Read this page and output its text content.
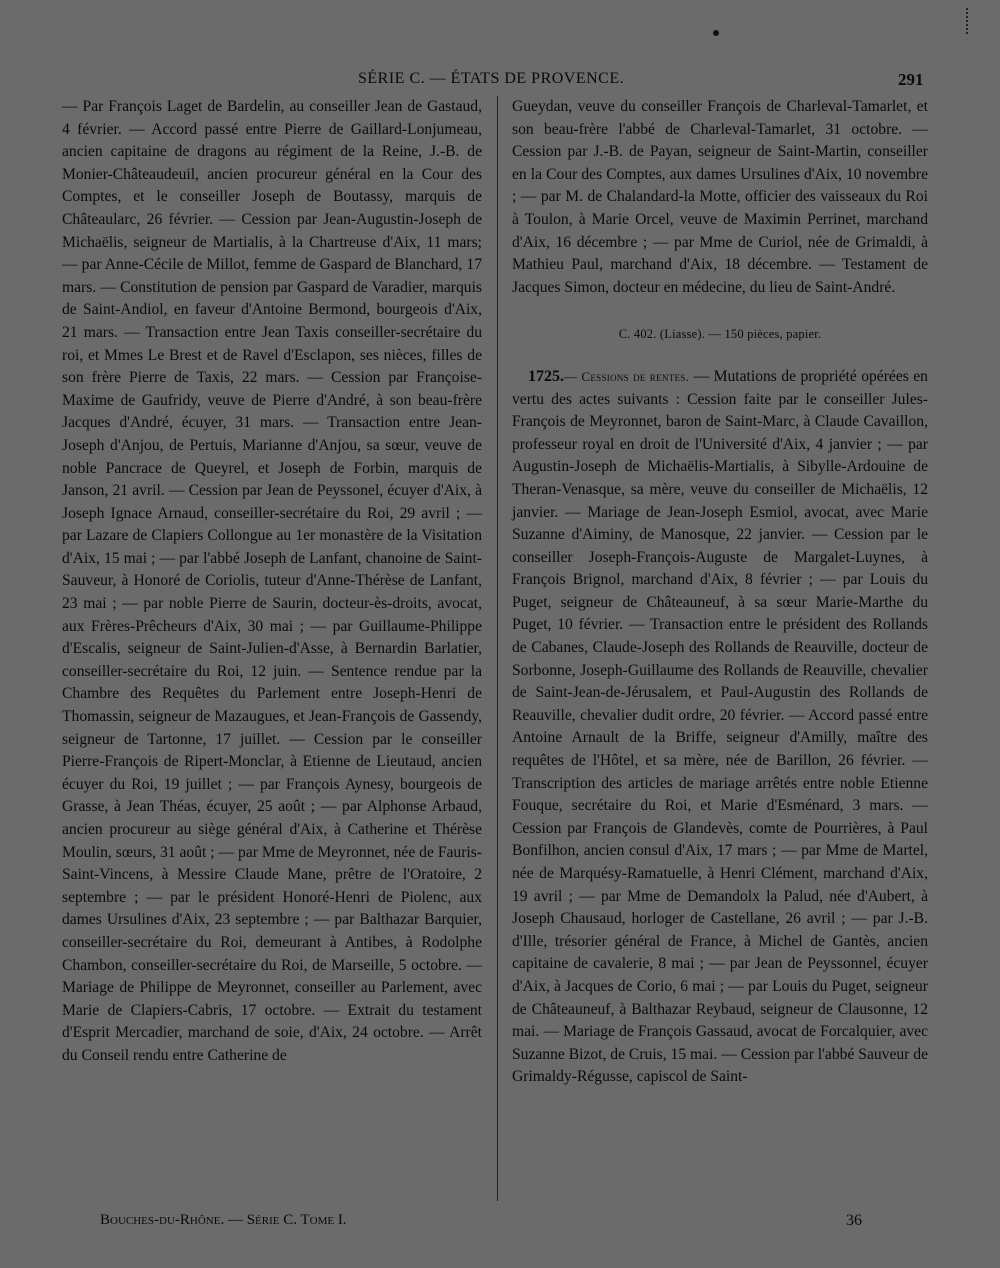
SÉRIE C. — ÉTATS DE PROVENCE.	291

— Par François Laget de Bardelin, au conseiller Jean de Gastaud, 4 février. — Accord passé entre Pierre de Gaillard-Lonjumeau, ancien capitaine de dragons au régiment de la Reine, J.-B. de Monier-Châteaudeuil, ancien procureur général en la Cour des Comptes, et le conseiller Joseph de Boutassy, marquis de Châteaularc, 26 février. — Cession par Jean-Augustin-Joseph de Michaëlis, seigneur de Martialis, à la Chartreuse d'Aix, 11 mars; — par Anne-Cécile de Millot, femme de Gaspard de Blanchard, 17 mars. — Constitution de pension par Gaspard de Varadier, marquis de Saint-Andiol, en faveur d'Antoine Bermond, bourgeois d'Aix, 21 mars. — Transaction entre Jean Taxis conseiller-secrétaire du roi, et Mmes Le Brest et de Ravel d'Esclapon, ses nièces, filles de son frère Pierre de Taxis, 22 mars. — Cession par Françoise-Maxime de Gaufridy, veuve de Pierre d'André, à son beau-frère Jacques d'André, écuyer, 31 mars. — Transaction entre Jean-Joseph d'Anjou, de Pertuis, Marianne d'Anjou, sa sœur, veuve de noble Pancrace de Queyrel, et Joseph de Forbin, marquis de Janson, 21 avril. — Cession par Jean de Peyssonel, écuyer d'Aix, à Joseph Ignace Arnaud, conseiller-secrétaire du Roi, 29 avril ; — par Lazare de Clapiers Collongue au 1er monastère de la Visitation d'Aix, 15 mai ; — par l'abbé Joseph de Lanfant, chanoine de Saint-Sauveur, à Honoré de Coriolis, tuteur d'Anne-Thérèse de Lanfant, 23 mai ; — par noble Pierre de Saurin, docteur-ès-droits, avocat, aux Frères-Prêcheurs d'Aix, 30 mai ; — par Guillaume-Philippe d'Escalis, seigneur de Saint-Julien-d'Asse, à Bernardin Barlatier, conseiller-secrétaire du Roi, 12 juin. — Sentence rendue par la Chambre des Requêtes du Parlement entre Joseph-Henri de Thomassin, seigneur de Mazaugues, et Jean-François de Gassendy, seigneur de Tartonne, 17 juillet. — Cession par le conseiller Pierre-François de Ripert-Monclar, à Etienne de Lieutaud, ancien écuyer du Roi, 19 juillet ; — par François Aynesy, bourgeois de Grasse, à Jean Théas, écuyer, 25 août ; — par Alphonse Arbaud, ancien procureur au siège général d'Aix, à Catherine et Thérèse Moulin, sœurs, 31 août ; — par Mme de Meyronnet, née de Fauris-Saint-Vincens, à Messire Claude Mane, prêtre de l'Oratoire, 2 septembre ; — par le président Honoré-Henri de Piolenc, aux dames Ursulines d'Aix, 23 septembre ; — par Balthazar Barquier, conseiller-secrétaire du Roi, demeurant à Antibes, à Rodolphe Chambon, conseiller-secrétaire du Roi, de Marseille, 5 octobre. — Mariage de Philippe de Meyronnet, conseiller au Parlement, avec Marie de Clapiers-Cabris, 17 octobre. — Extrait du testament d'Esprit Mercadier, marchand de soie, d'Aix, 24 octobre. — Arrêt du Conseil rendu entre Catherine de

Gueydan, veuve du conseiller François de Charleval-Tamarlet, et son beau-frère l'abbé de Charleval-Tamarlet, 31 octobre. — Cession par J.-B. de Payan, seigneur de Saint-Martin, conseiller en la Cour des Comptes, aux dames Ursulines d'Aix, 10 novembre ; — par M. de Chalandard-la Motte, officier des vaisseaux du Roi à Toulon, à Marie Orcel, veuve de Maximin Perrinet, marchand d'Aix, 16 décembre ; — par Mme de Curiol, née de Grimaldi, à Mathieu Paul, marchand d'Aix, 18 décembre. — Testament de Jacques Simon, docteur en médecine, du lieu de Saint-André.

C. 402. (Liasse). — 150 pièces, papier.

1725.— Cessions de rentes. — Mutations de propriété opérées en vertu des actes suivants : Cession faite par le conseiller Jules-François de Meyronnet, baron de Saint-Marc, à Claude Cavaillon, professeur royal en droit de l'Université d'Aix, 4 janvier ; — par Augustin-Joseph de Michaëlis-Martialis, à Sibylle-Ardouine de Theran-Venasque, sa mère, veuve du conseiller de Michaëlis, 12 janvier. — Mariage de Jean-Joseph Esmiol, avocat, avec Marie Suzanne d'Aiminy, de Manosque, 22 janvier. — Cession par le conseiller Joseph-François-Auguste de Margalet-Luynes, à François Brignol, marchand d'Aix, 8 février ; — par Louis du Puget, seigneur de Châteauneuf, à sa sœur Marie-Marthe du Puget, 10 février. — Transaction entre le président des Rollands de Cabanes, Claude-Joseph des Rollands de Reauville, docteur de Sorbonne, Joseph-Guillaume des Rollands de Reauville, chevalier de Saint-Jean-de-Jérusalem, et Paul-Augustin des Rollands de Reauville, chevalier dudit ordre, 20 février. — Accord passé entre Antoine Arnault de la Briffe, seigneur d'Amilly, maître des requêtes de l'Hôtel, et sa mère, née de Barillon, 26 février. — Transcription des articles de mariage arrêtés entre noble Etienne Fouque, secrétaire du Roi, et Marie d'Esménard, 3 mars. — Cession par François de Glandevès, comte de Pourrières, à Paul Bonfilhon, ancien consul d'Aix, 17 mars ; — par Mme de Martel, née de Marquésy-Ramatuelle, à Henri Clément, marchand d'Aix, 19 avril ; — par Mme de Demandolx la Palud, née d'Aubert, à Joseph Chausaud, horloger de Castellane, 26 avril ; — par J.-B. d'Ille, trésorier général de France, à Michel de Gantès, ancien capitaine de cavalerie, 8 mai ; — par Jean de Peyssonnel, écuyer d'Aix, à Jacques de Corio, 6 mai ; — par Louis du Puget, seigneur de Châteauneuf, à Balthazar Reybaud, seigneur de Clausonne, 12 mai. — Mariage de François Gassaud, avocat de Forcalquier, avec Suzanne Bizot, de Cruis, 15 mai. — Cession par l'abbé Sauveur de Grimaldy-Régusse, capiscol de Saint-

Bouches-du-Rhône. — Série C. Tome I.	36
